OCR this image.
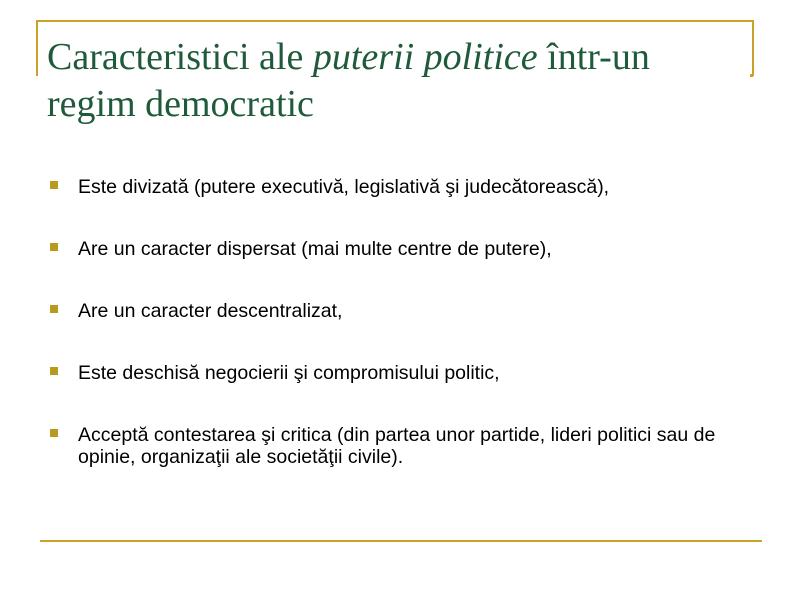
Caracteristici ale puterii politice într-un regim democratic
Este divizată (putere executivă, legislativă şi judecătorească),
Are un caracter dispersat (mai multe centre de putere),
Are un caracter descentralizat,
Este deschisă negocierii şi compromisului politic,
Acceptă contestarea şi critica (din partea unor partide, lideri politici sau de opinie, organizaţii ale societăţii civile).
